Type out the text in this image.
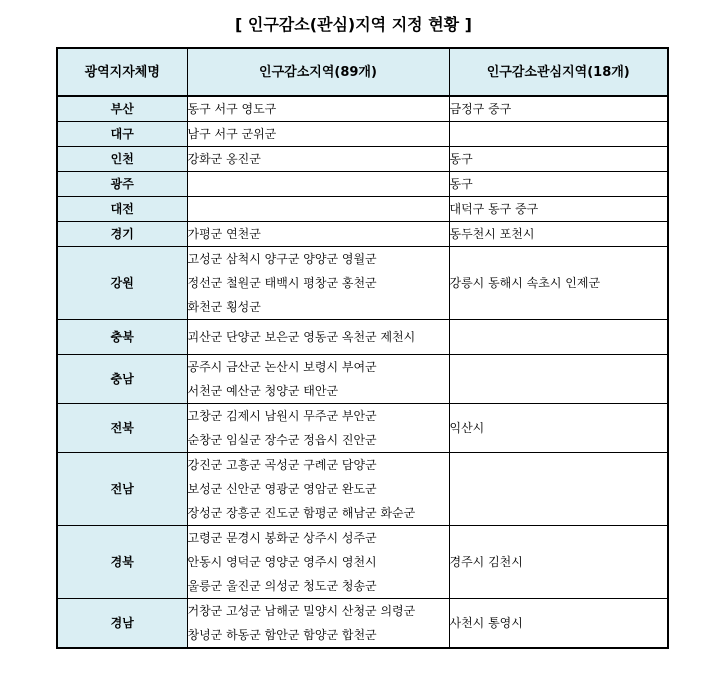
[ 인구감소(관심)지역 지정 현황 ]
광역지자체명	인구감소지역(89개)	인구감소관심지역(18개)
부산	동구 서구 영도구	금정구 중구
대구	남구 서구 군위군	

인천	강화군 옹진군	동구
광주		동구
대전		대덕구 동구 중구
경기	가평군 연천군	동두천시 포천시
강원	고성군 삼척시 양구군 양양군 영월군
정선군 철원군 태백시 평창군 홍천군
화천군 횡성군	강릉시 동해시 속초시 인제군
충북	괴산군 단양군 보은군 영동군 옥천군 제천시	

충남	공주시 금산군 논산시 보령시 부여군
서천군 예산군 청양군 태안군	

전북	고창군 김제시 남원시 무주군 부안군
순창군 임실군 장수군 정읍시 진안군	익산시
전남	강진군 고흥군 곡성군 구례군 담양군
보성군 신안군 영광군 영암군 완도군
장성군 장흥군 진도군 함평군 해남군 화순군	

경북	고령군 문경시 봉화군 상주시 성주군
안동시 영덕군 영양군 영주시 영천시
울릉군 울진군 의성군 청도군 청송군	경주시 김천시
경남	거창군 고성군 남해군 밀양시 산청군 의령군
창녕군 하동군 함안군 함양군 합천군	사천시 통영시
